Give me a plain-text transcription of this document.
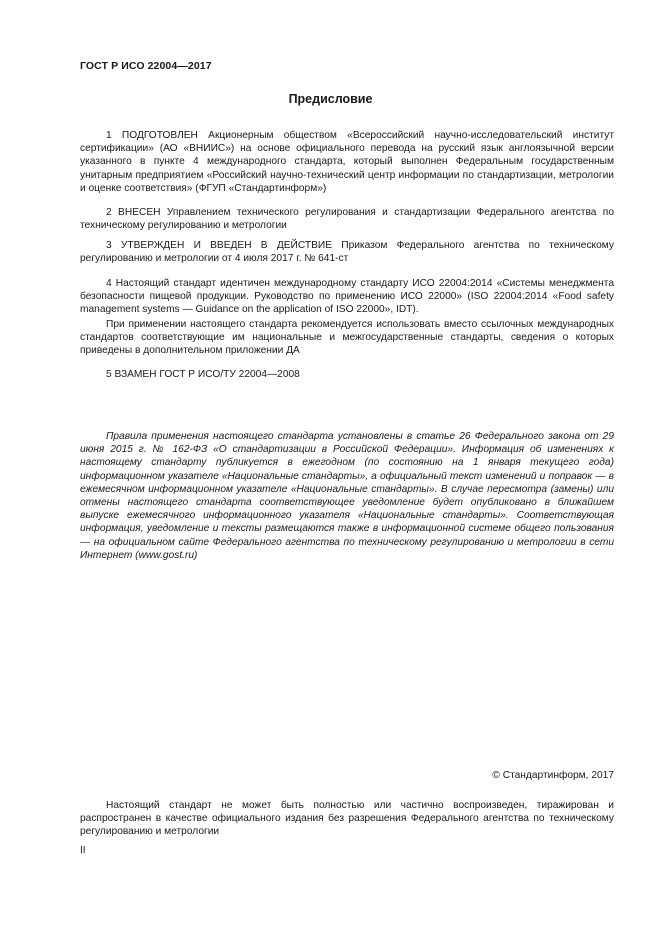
ГОСТ Р ИСО 22004—2017
Предисловие
1 ПОДГОТОВЛЕН Акционерным обществом «Всероссийский научно-исследовательский институт сертификации» (АО «ВНИИС») на основе официального перевода на русский язык англоязычной версии указанного в пункте 4 международного стандарта, который выполнен Федеральным государственным унитарным предприятием «Российский научно-технический центр информации по стандартизации, метрологии и оценке соответствия» (ФГУП «Стандартинформ»)
2 ВНЕСЕН Управлением технического регулирования и стандартизации Федерального агентства по техническому регулированию и метрологии
3 УТВЕРЖДЕН И ВВЕДЕН В ДЕЙСТВИЕ Приказом Федерального агентства по техническому регулированию и метрологии от 4 июля 2017 г. № 641-ст
4 Настоящий стандарт идентичен международному стандарту ИСО 22004:2014 «Системы менеджмента безопасности пищевой продукции. Руководство по применению ИСО 22000» (ISO 22004:2014 «Food safety management systems — Guidance on the application of ISO 22000», IDT).
При применении настоящего стандарта рекомендуется использовать вместо ссылочных международных стандартов соответствующие им национальные и межгосударственные стандарты, сведения о которых приведены в дополнительном приложении ДА
5 ВЗАМЕН ГОСТ Р ИСО/ТУ 22004—2008
Правила применения настоящего стандарта установлены в статье 26 Федерального закона от 29 июня 2015 г. № 162-ФЗ «О стандартизации в Российской Федерации». Информация об изменениях к настоящему стандарту публикуется в ежегодном (по состоянию на 1 января текущего года) информационном указателе «Национальные стандарты», а официальный текст изменений и поправок — в ежемесячном информационном указателе «Национальные стандарты». В случае пересмотра (замены) или отмены настоящего стандарта соответствующее уведомление будет опубликовано в ближайшем выпуске ежемесячного информационного указателя «Национальные стандарты». Соответствующая информация, уведомление и тексты размещаются также в информационной системе общего пользования — на официальном сайте Федерального агентства по техническому регулированию и метрологии в сети Интернет (www.gost.ru)
© Стандартинформ, 2017
Настоящий стандарт не может быть полностью или частично воспроизведен, тиражирован и распространен в качестве официального издания без разрешения Федерального агентства по техническому регулированию и метрологии
II
